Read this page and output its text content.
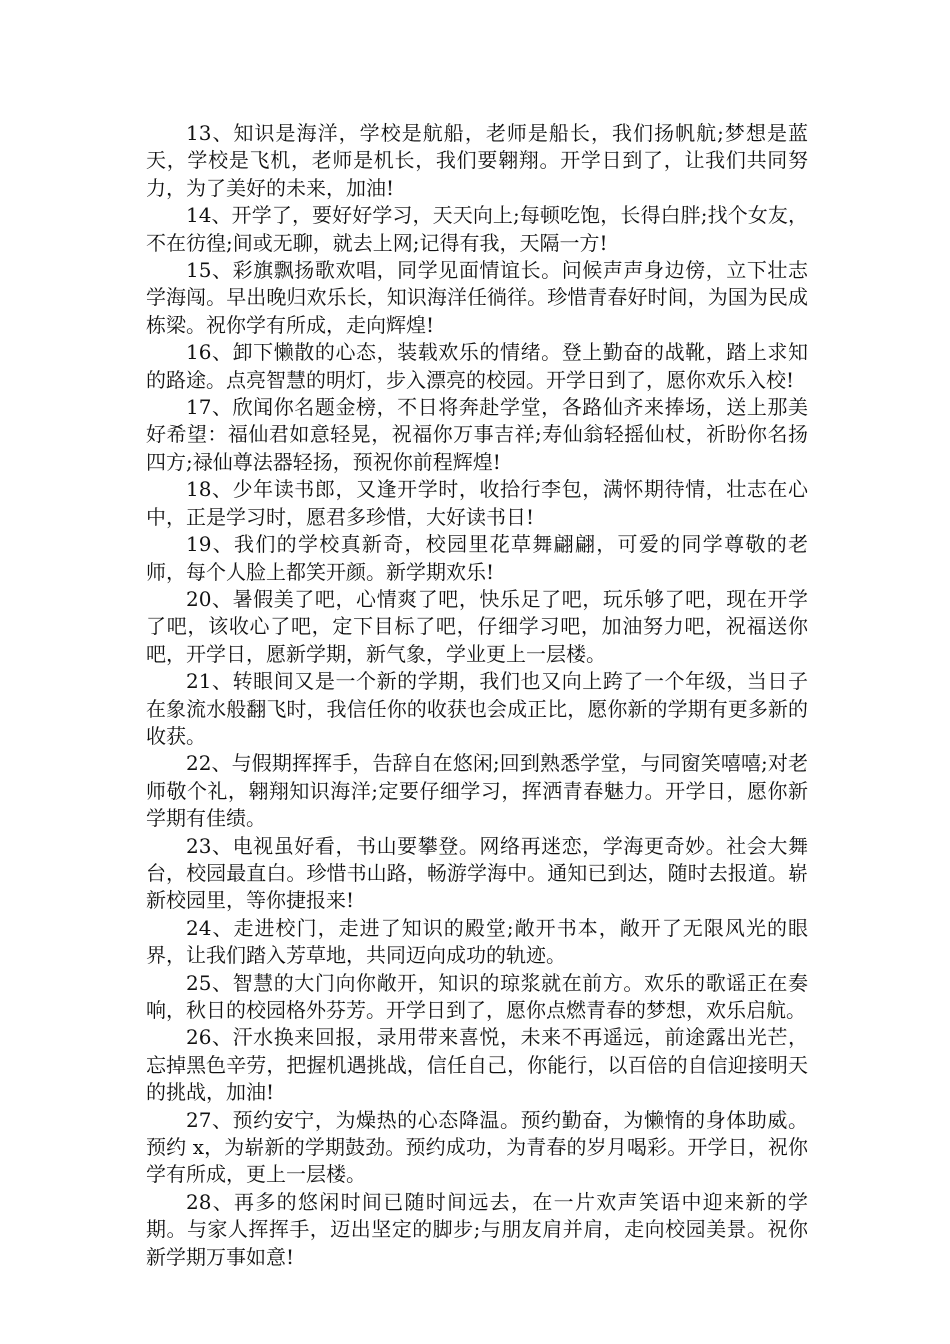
13、知识是海洋，学校是航船，老师是船长，我们扬帆航;梦想是蓝天，学校是飞机，老师是机长，我们要翱翔。开学日到了，让我们共同努力，为了美好的未来，加油!

14、开学了，要好好学习，天天向上;每顿吃饱，长得白胖;找个女友，不在彷徨;间或无聊，就去上网;记得有我，天隔一方!

15、彩旗飘扬歌欢唱，同学见面情谊长。问候声声身边傍，立下壮志学海闯。早出晚归欢乐长，知识海洋任徜徉。珍惜青春好时间，为国为民成栋梁。祝你学有所成，走向辉煌!

16、卸下懒散的心态，装载欢乐的情绪。登上勤奋的战靴，踏上求知的路途。点亮智慧的明灯，步入漂亮的校园。开学日到了，愿你欢乐入校!

17、欣闻你名题金榜，不日将奔赴学堂，各路仙齐来捧场，送上那美好希望：福仙君如意轻晃，祝福你万事吉祥;寿仙翁轻摇仙杖，祈盼你名扬四方;禄仙尊法器轻扬，预祝你前程辉煌!

18、少年读书郎，又逢开学时，收拾行李包，满怀期待情，壮志在心中，正是学习时，愿君多珍惜，大好读书日!

19、我们的学校真新奇，校园里花草舞翩翩，可爱的同学尊敬的老师，每个人脸上都笑开颜。新学期欢乐!

20、暑假美了吧，心情爽了吧，快乐足了吧，玩乐够了吧，现在开学了吧，该收心了吧，定下目标了吧，仔细学习吧，加油努力吧，祝福送你吧，开学日，愿新学期，新气象，学业更上一层楼。

21、转眼间又是一个新的学期，我们也又向上跨了一个年级，当日子在象流水般翻飞时，我信任你的收获也会成正比，愿你新的学期有更多新的收获。

22、与假期挥挥手，告辞自在悠闲;回到熟悉学堂，与同窗笑嘻嘻;对老师敬个礼，翱翔知识海洋;定要仔细学习，挥洒青春魅力。开学日，愿你新学期有佳绩。

23、电视虽好看，书山要攀登。网络再迷恋，学海更奇妙。社会大舞台，校园最直白。珍惜书山路，畅游学海中。通知已到达，随时去报道。崭新校园里，等你捷报来!

24、走进校门，走进了知识的殿堂;敞开书本，敞开了无限风光的眼界，让我们踏入芳草地，共同迈向成功的轨迹。

25、智慧的大门向你敞开，知识的琼浆就在前方。欢乐的歌谣正在奏响，秋日的校园格外芬芳。开学日到了，愿你点燃青春的梦想，欢乐启航。

26、汗水换来回报，录用带来喜悦，未来不再遥远，前途露出光芒，忘掉黑色辛劳，把握机遇挑战，信任自己，你能行，以百倍的自信迎接明天的挑战，加油!

27、预约安宁，为燥热的心态降温。预约勤奋，为懒惰的身体助威。预约 x，为崭新的学期鼓劲。预约成功，为青春的岁月喝彩。开学日，祝你学有所成，更上一层楼。

28、再多的悠闲时间已随时间远去，在一片欢声笑语中迎来新的学期。与家人挥挥手，迈出坚定的脚步;与朋友肩并肩，走向校园美景。祝你新学期万事如意!
